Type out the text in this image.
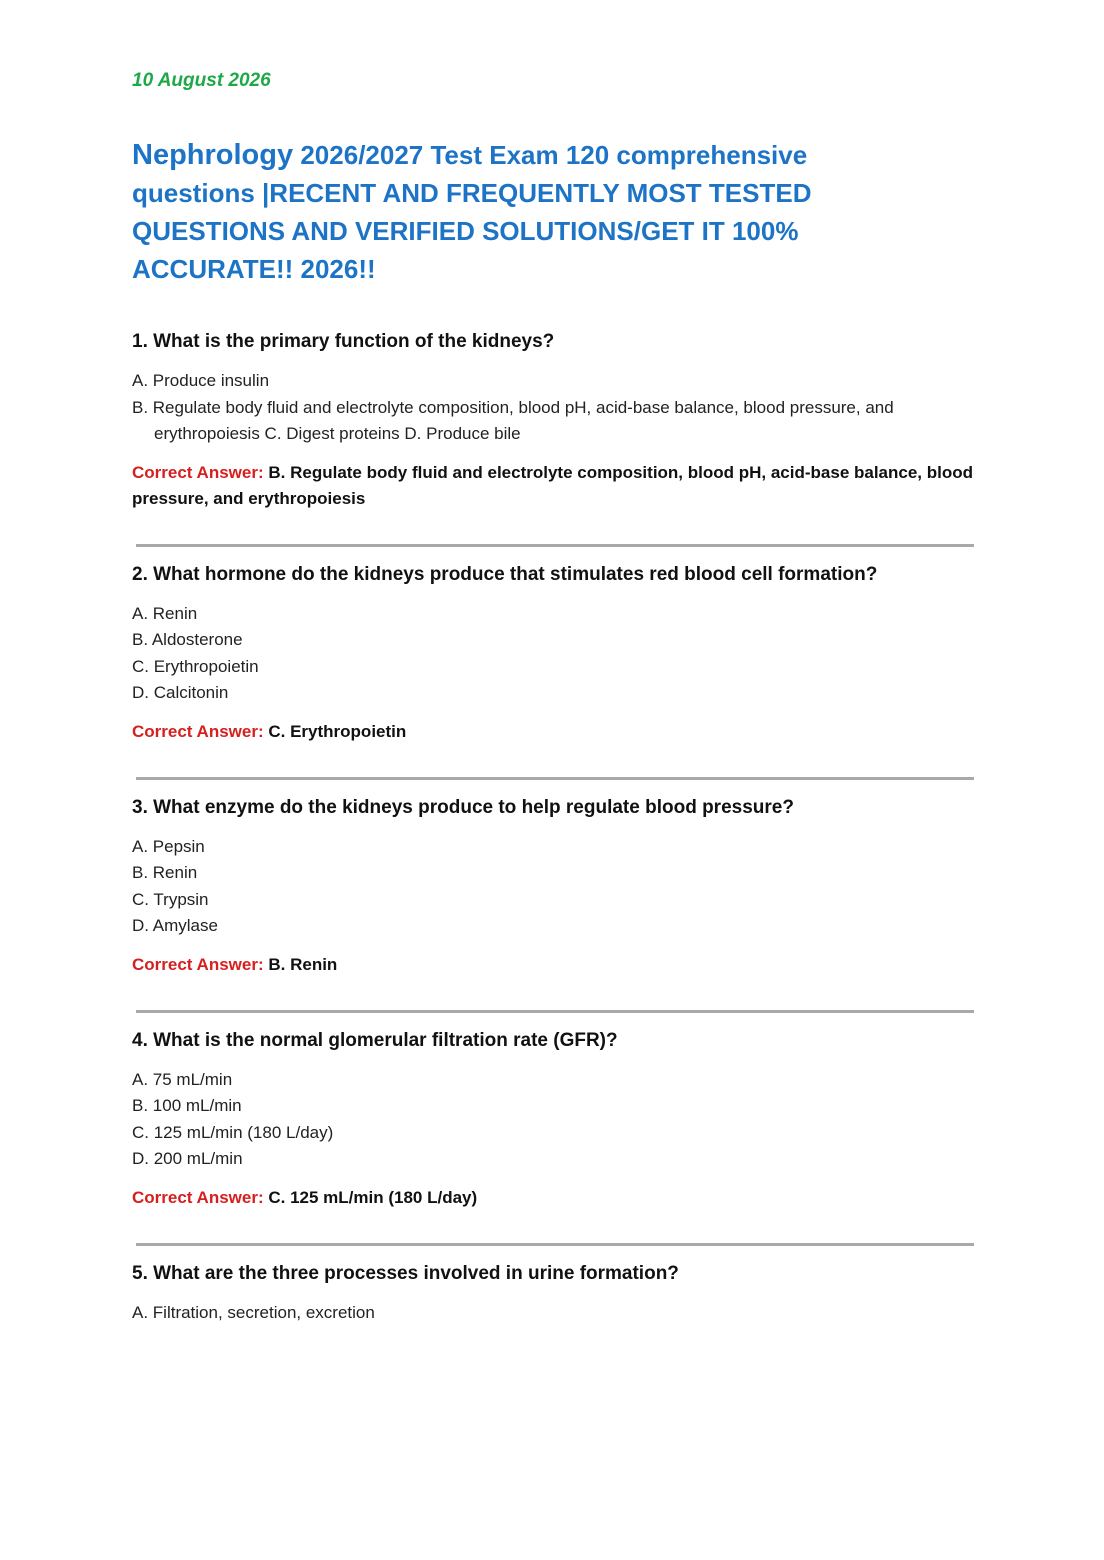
10 August 2026
Nephrology 2026/2027 Test Exam 120 comprehensive questions |RECENT AND FREQUENTLY MOST TESTED QUESTIONS AND VERIFIED SOLUTIONS/GET IT 100% ACCURATE!! 2026!!

1. What is the primary function of the kidneys?

A. Produce insulin
B. Regulate body fluid and electrolyte composition, blood pH, acid-base balance, blood pressure, and erythropoiesis C. Digest proteins D. Produce bile

Correct Answer: B. Regulate body fluid and electrolyte composition, blood pH, acid-base balance, blood pressure, and erythropoiesis

2. What hormone do the kidneys produce that stimulates red blood cell formation?

A. Renin
B. Aldosterone
C. Erythropoietin
D. Calcitonin

Correct Answer: C. Erythropoietin

3. What enzyme do the kidneys produce to help regulate blood pressure?

A. Pepsin
B. Renin
C. Trypsin
D. Amylase

Correct Answer: B. Renin

4. What is the normal glomerular filtration rate (GFR)?

A. 75 mL/min
B. 100 mL/min
C. 125 mL/min (180 L/day)
D. 200 mL/min

Correct Answer: C. 125 mL/min (180 L/day)

5. What are the three processes involved in urine formation?

A. Filtration, secretion, excretion
